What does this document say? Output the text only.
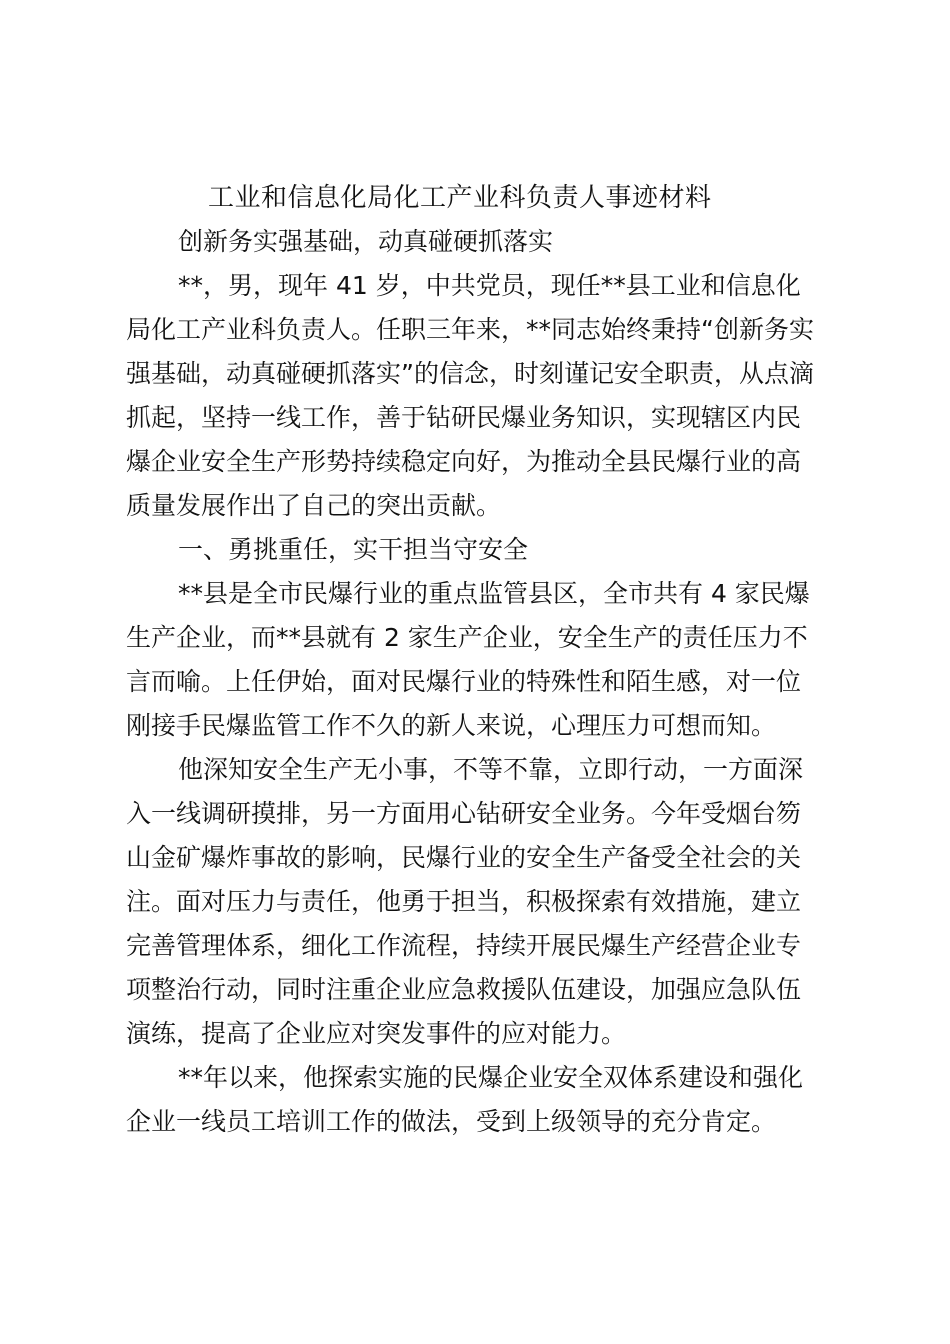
工业和信息化局化工产业科负责人事迹材料

创新务实强基础，动真碰硬抓落实

**，男，现年 41 岁，中共党员，现任**县工业和信息化
局化工产业科负责人。任职三年来，**同志始终秉持“创新务实
强基础，动真碰硬抓落实”的信念，时刻谨记安全职责，从点滴
抓起，坚持一线工作，善于钻研民爆业务知识，实现辖区内民
爆企业安全生产形势持续稳定向好，为推动全县民爆行业的高
质量发展作出了自己的突出贡献。

一、勇挑重任，实干担当守安全

**县是全市民爆行业的重点监管县区，全市共有 4 家民爆
生产企业，而**县就有 2 家生产企业，安全生产的责任压力不
言而喻。上任伊始，面对民爆行业的特殊性和陌生感，对一位
刚接手民爆监管工作不久的新人来说，心理压力可想而知。

他深知安全生产无小事，不等不靠，立即行动，一方面深
入一线调研摸排，另一方面用心钻研安全业务。今年受烟台笏
山金矿爆炸事故的影响，民爆行业的安全生产备受全社会的关
注。面对压力与责任，他勇于担当，积极探索有效措施，建立
完善管理体系，细化工作流程，持续开展民爆生产经营企业专
项整治行动，同时注重企业应急救援队伍建设，加强应急队伍
演练，提高了企业应对突发事件的应对能力。

**年以来，他探索实施的民爆企业安全双体系建设和强化
企业一线员工培训工作的做法，受到上级领导的充分肯定。
